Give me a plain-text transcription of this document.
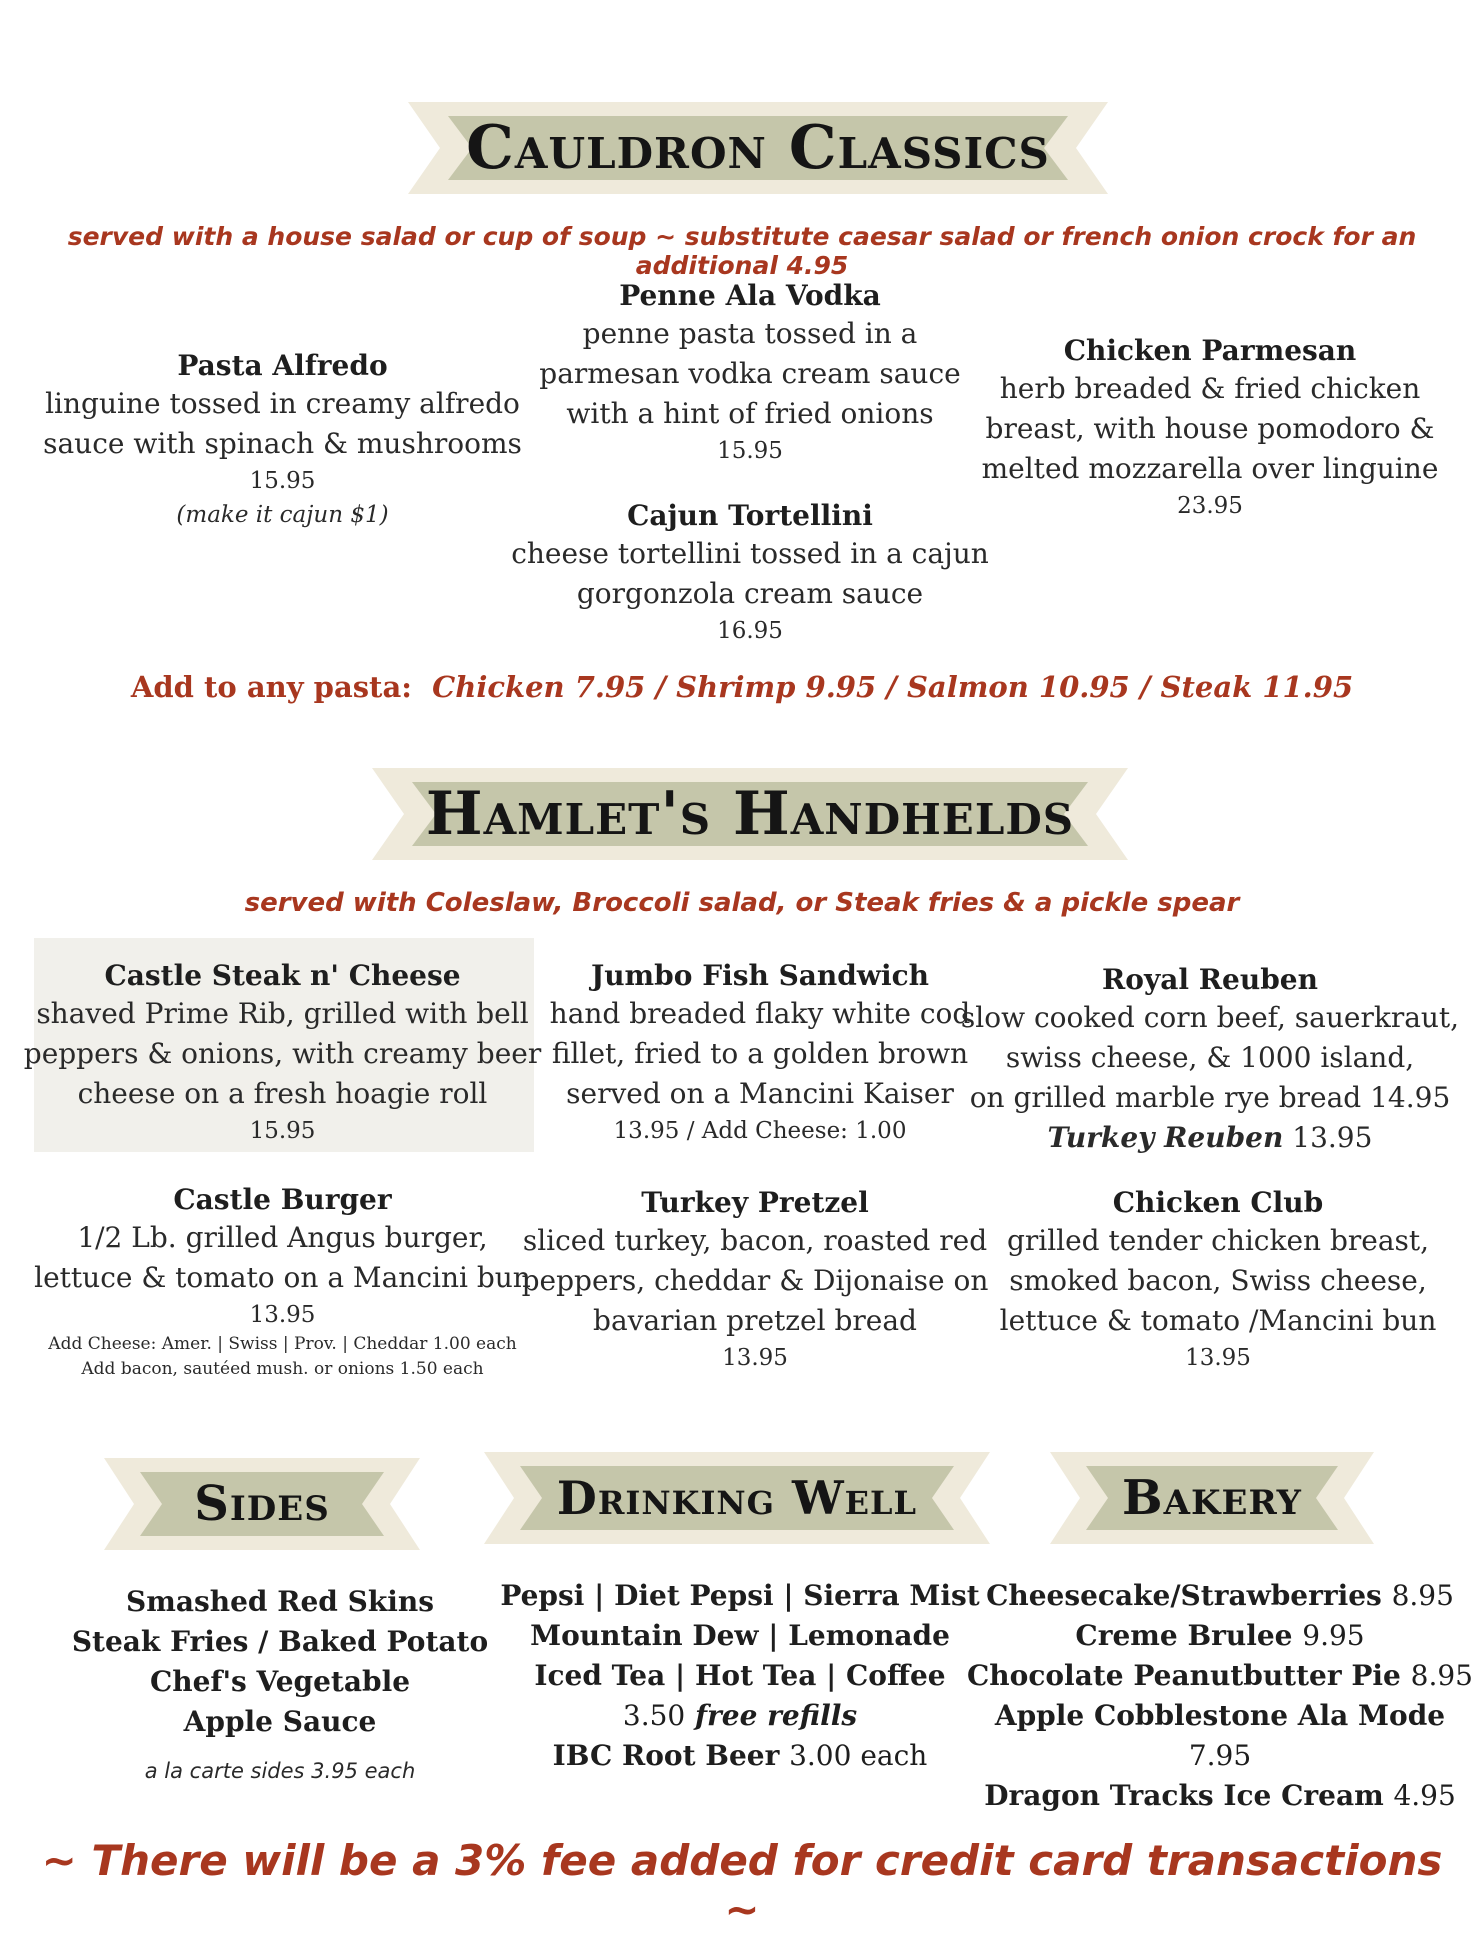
Cauldron Classics
served with a house salad or cup of soup ~ substitute caesar salad or french onion crock for an additional 4.95
Pasta Alfredo
linguine tossed in creamy alfredo
sauce with spinach & mushrooms
15.95
(make it cajun $1)
Penne Ala Vodka
penne pasta tossed in a
parmesan vodka cream sauce
with a hint of fried onions
15.95
Cajun Tortellini
cheese tortellini tossed in a cajun
gorgonzola cream sauce
16.95
Chicken Parmesan
herb breaded & fried chicken
breast, with house pomodoro &
melted mozzarella over linguine
23.95
Add to any pasta: Chicken 7.95 / Shrimp 9.95 / Salmon 10.95 / Steak 11.95
Hamlet's Handhelds
served with Coleslaw, Broccoli salad, or Steak fries & a pickle spear
Castle Steak n' Cheese
shaved Prime Rib, grilled with bell
peppers & onions, with creamy beer
cheese on a fresh hoagie roll
15.95
Jumbo Fish Sandwich
hand breaded flaky white cod
fillet, fried to a golden brown
served on a Mancini Kaiser
13.95 / Add Cheese: 1.00
Royal Reuben
slow cooked corn beef, sauerkraut,
swiss cheese, & 1000 island,
on grilled marble rye bread 14.95
Turkey Reuben 13.95
Castle Burger
1/2 Lb. grilled Angus burger,
lettuce & tomato on a Mancini bun
13.95
Add Cheese: Amer. | Swiss | Prov. | Cheddar 1.00 each
Add bacon, sautéed mush. or onions 1.50 each
Turkey Pretzel
sliced turkey, bacon, roasted red
peppers, cheddar & Dijonaise on
bavarian pretzel bread
13.95
Chicken Club
grilled tender chicken breast,
smoked bacon, Swiss cheese,
lettuce & tomato /Mancini bun
13.95
Sides	Drinking Well	Bakery
Smashed Red Skins
Steak Fries / Baked Potato
Chef's Vegetable
Apple Sauce
a la carte sides 3.95 each
Pepsi | Diet Pepsi | Sierra Mist
Mountain Dew | Lemonade
Iced Tea | Hot Tea | Coffee
3.50 free refills
IBC Root Beer 3.00 each
Cheesecake/Strawberries 8.95
Creme Brulee 9.95
Chocolate Peanutbutter Pie 8.95
Apple Cobblestone Ala Mode 7.95
Dragon Tracks Ice Cream 4.95
~ There will be a 3% fee added for credit card transactions ~
